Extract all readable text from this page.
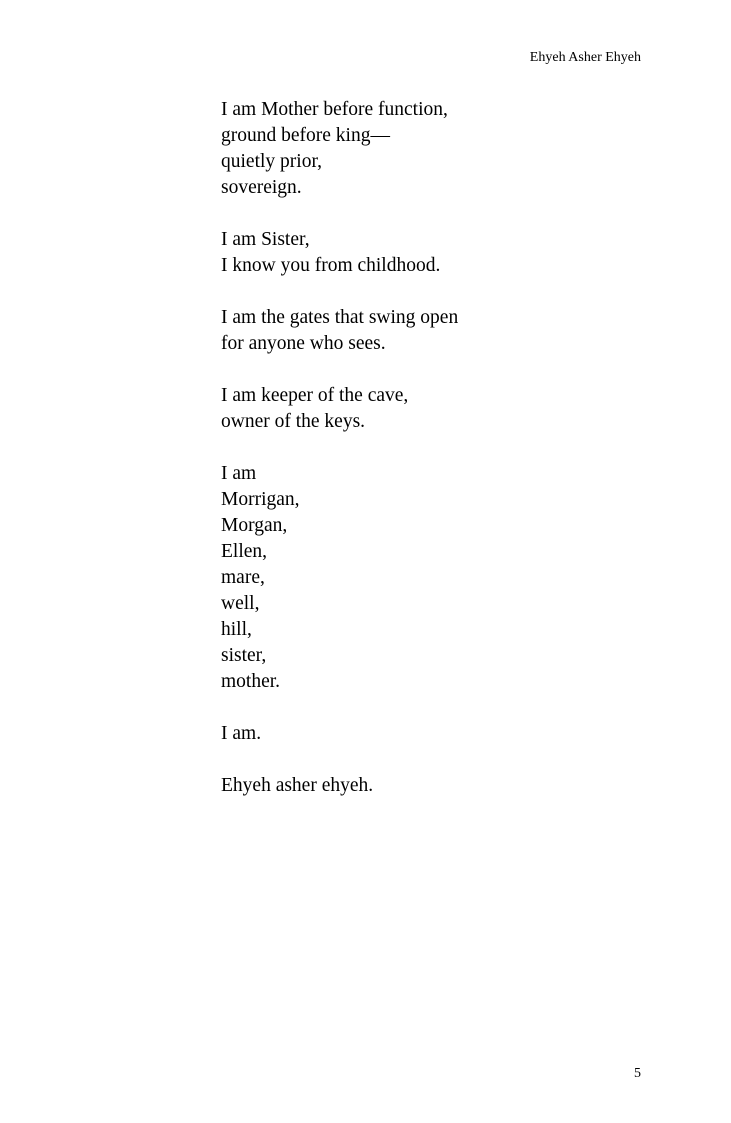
Ehyeh Asher Ehyeh
I am Mother before function,
ground before king—
quietly prior,
sovereign.
I am Sister,
I know you from childhood.
I am the gates that swing open
for anyone who sees.
I am keeper of the cave,
owner of the keys.
I am
Morrigan,
Morgan,
Ellen,
mare,
well,
hill,
sister,
mother.
I am.
Ehyeh asher ehyeh.
5
